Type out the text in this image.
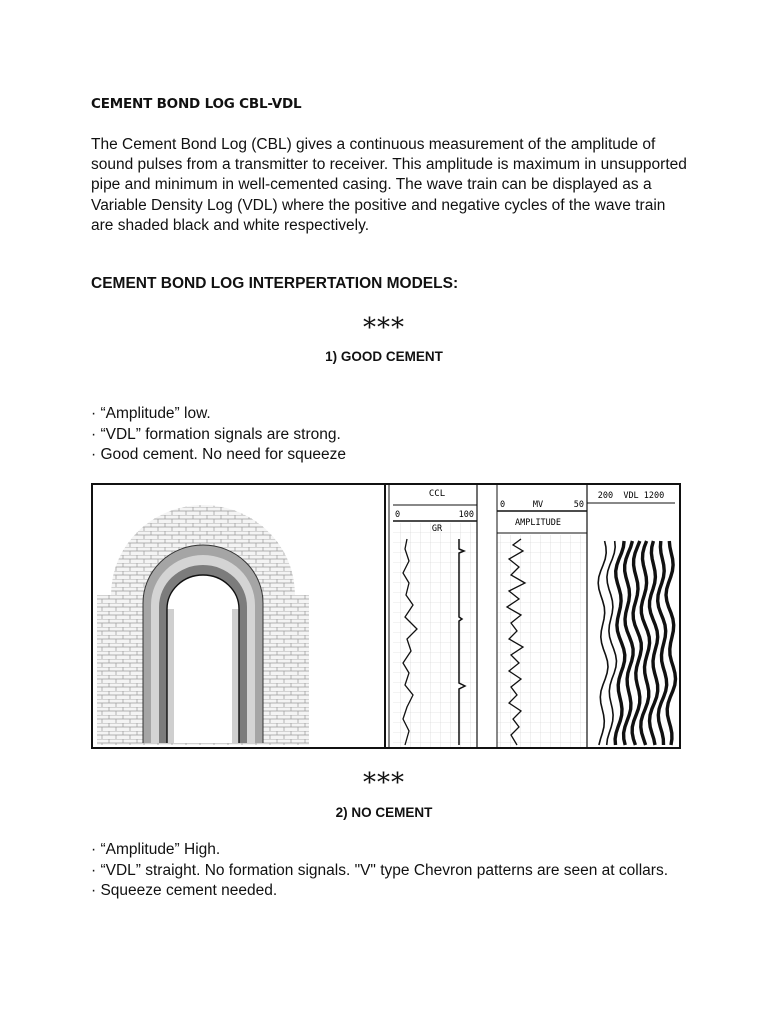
CEMENT BOND LOG CBL-VDL

The Cement Bond Log (CBL) gives a continuous measurement of the amplitude of sound pulses from a transmitter to receiver. This amplitude is maximum in unsupported pipe and minimum in well-cemented casing. The wave train can be displayed as a Variable Density Log (VDL) where the positive and negative cycles of the wave train are shaded black and white respectively.

CEMENT BOND LOG INTERPERTATION MODELS:
***
1) GOOD CEMENT
· “Amplitude” low.
· “VDL” formation signals are strong.
· Good cement. No need for squeeze
CCL
0	100
GR
0	MV	50
AMPLITUDE
200  VDL 1200
***
2) NO CEMENT
· “Amplitude” High.
· “VDL” straight. No formation signals. "V" type Chevron patterns are seen at collars.
· Squeeze cement needed.
